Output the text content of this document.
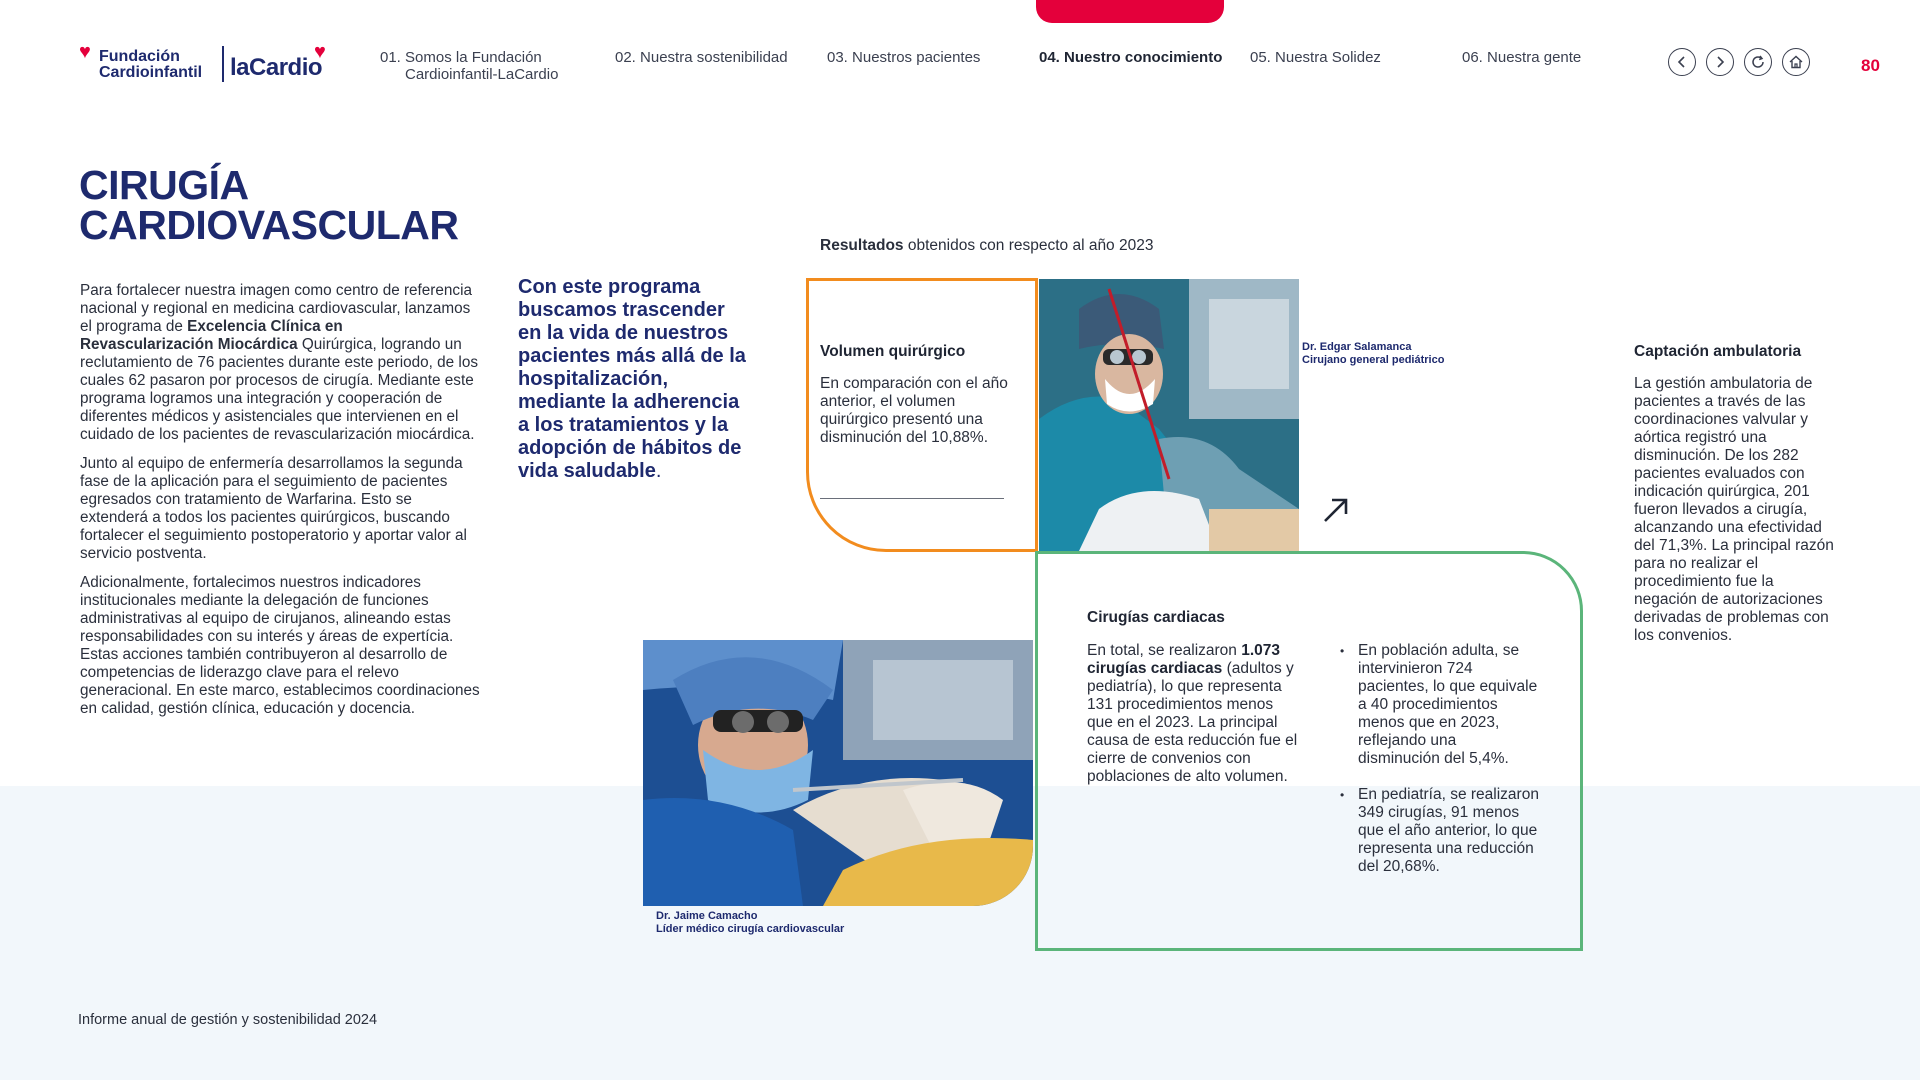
♥ Fundación
Cardioinfantil
♥
laCardio	01. Somos la Fundación
Cardioinfantil-LaCardio
02. Nuestra sostenibilidad	03. Nuestros pacientes	04. Nuestro conocimiento 05. Nuestra Solidez	06. Nuestra gente	80
CIRUGÍA
CARDIOVASCULAR

Para fortalecer nuestra imagen como centro de referencia nacional y regional en medicina cardiovascular, lanzamos el programa de Excelencia Clínica en Revascularización Miocárdica Quirúrgica, logrando un reclutamiento de 76 pacientes durante este periodo, de los cuales 62 pasaron por procesos de cirugía. Mediante este programa logramos una integración y cooperación de diferentes médicos y asistenciales que intervienen en el cuidado de los pacientes de revascularización miocárdica.

Junto al equipo de enfermería desarrollamos la segunda fase de la aplicación para el seguimiento de pacientes egresados con tratamiento de Warfarina. Esto se extenderá a todos los pacientes quirúrgicos, buscando fortalecer el seguimiento postoperatorio y aportar valor al servicio postventa.

Adicionalmente, fortalecimos nuestros indicadores institucionales mediante la delegación de funciones administrativas al equipo de cirujanos, alineando estas responsabilidades con su interés y áreas de expertícia. Estas acciones también contribuyeron al desarrollo de competencias de liderazgo clave para el relevo generacional. En este marco, establecimos coordinaciones en calidad, gestión clínica, educación y docencia.

Con este programa buscamos trascender en la vida de nuestros pacientes más allá de la hospitalización, mediante la adherencia a los tratamientos y la adopción de hábitos de vida saludable.
Resultados obtenidos con respecto al año 2023
Volumen quirúrgico
En comparación con el año anterior, el volumen quirúrgico presentó una disminución del 10,88%.
Dr. Edgar Salamanca
Cirujano general pediátrico
Dr. Jaime Camacho
Líder médico cirugía cardiovascular
Cirugías cardiacas
En total, se realizaron 1.073 cirugías cardiacas (adultos y pediatría), lo que representa 131 procedimientos menos que en el 2023. La principal causa de esta reducción fue el cierre de convenios con poblaciones de alto volumen.
• En población adulta, se intervinieron 724 pacientes, lo que equivale a 40 procedimientos menos que en 2023, reflejando una disminución del 5,4%.
• En pediatría, se realizaron 349 cirugías, 91 menos que el año anterior, lo que representa una reducción del 20,68%.
Captación ambulatoria
La gestión ambulatoria de pacientes a través de las coordinaciones valvular y aórtica registró una disminución. De los 282 pacientes evaluados con indicación quirúrgica, 201 fueron llevados a cirugía, alcanzando una efectividad del 71,3%. La principal razón para no realizar el procedimiento fue la negación de autorizaciones derivadas de problemas con los convenios.
Informe anual de gestión y sostenibilidad 2024
